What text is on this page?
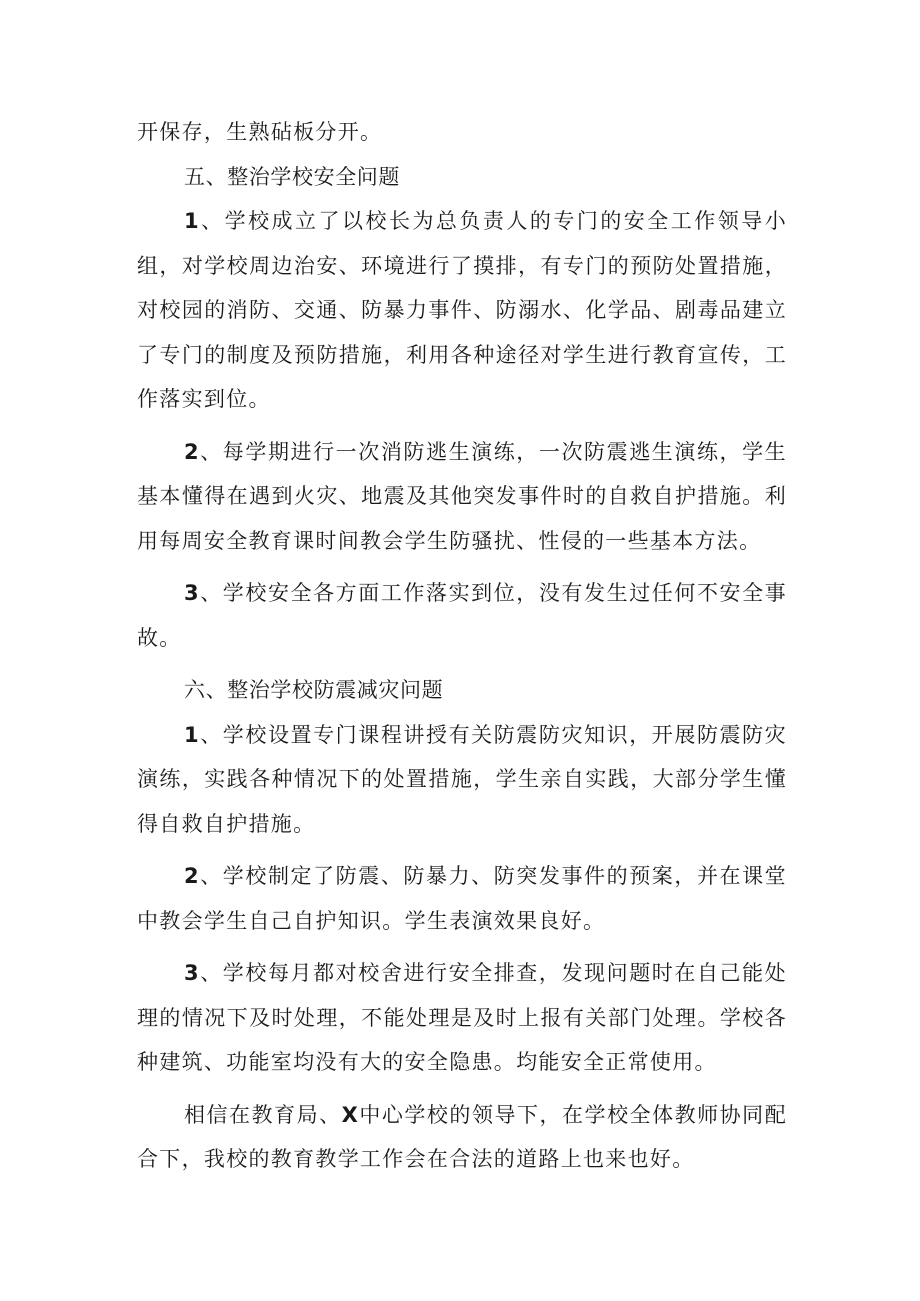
开保存，生熟砧板分开。

五、整治学校安全问题

1、学校成立了以校长为总负责人的专门的安全工作领导小组，对学校周边治安、环境进行了摸排，有专门的预防处置措施，对校园的消防、交通、防暴力事件、防溺水、化学品、剧毒品建立了专门的制度及预防措施，利用各种途径对学生进行教育宣传，工作落实到位。

2、每学期进行一次消防逃生演练，一次防震逃生演练，学生基本懂得在遇到火灾、地震及其他突发事件时的自救自护措施。利用每周安全教育课时间教会学生防骚扰、性侵的一些基本方法。

3、学校安全各方面工作落实到位，没有发生过任何不安全事故。

六、整治学校防震减灾问题

1、学校设置专门课程讲授有关防震防灾知识，开展防震防灾演练，实践各种情况下的处置措施，学生亲自实践，大部分学生懂得自救自护措施。

2、学校制定了防震、防暴力、防突发事件的预案，并在课堂中教会学生自己自护知识。学生表演效果良好。

3、学校每月都对校舍进行安全排查，发现问题时在自己能处理的情况下及时处理，不能处理是及时上报有关部门处理。学校各种建筑、功能室均没有大的安全隐患。均能安全正常使用。

相信在教育局、X中心学校的领导下，在学校全体教师协同配合下，我校的教育教学工作会在合法的道路上也来也好。
